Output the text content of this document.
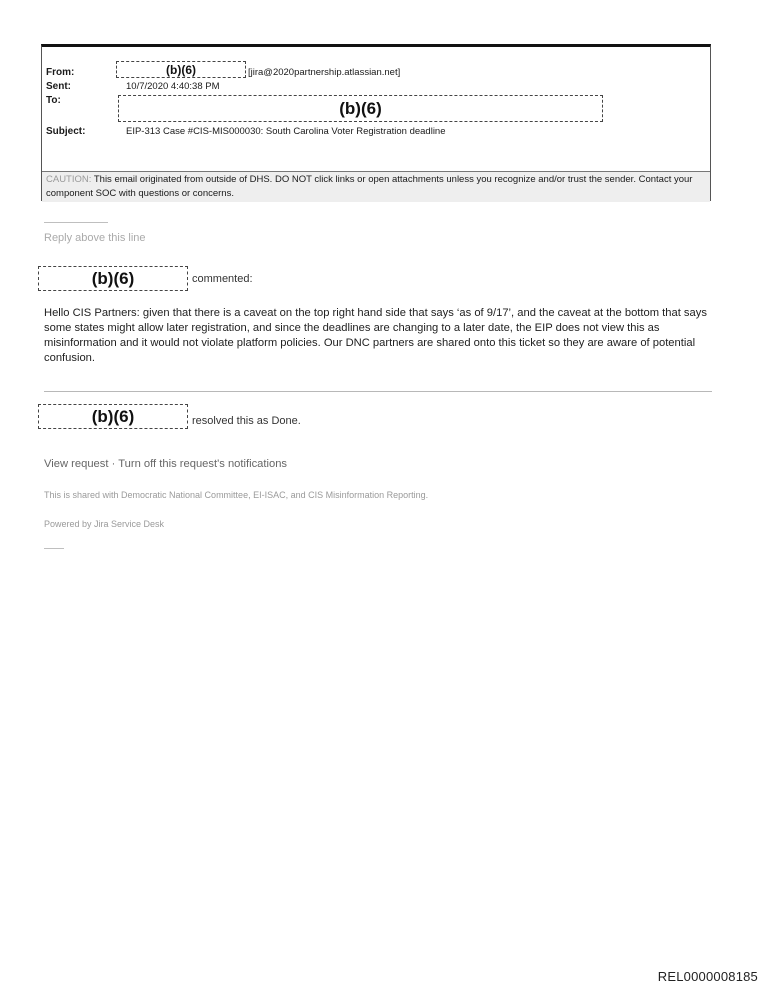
From:	(b)(6)	[jira@2020partnership.atlassian.net]
Sent:	10/7/2020 4:40:38 PM
To:	(b)(6)
Subject:	EIP-313 Case #CIS-MIS000030: South Carolina Voter Registration deadline
CAUTION: This email originated from outside of DHS. DO NOT click links or open attachments unless you recognize and/or trust the sender. Contact your component SOC with questions or concerns.
Reply above this line
(b)(6)	commented:
Hello CIS Partners: given that there is a caveat on the top right hand side that says ‘as of 9/17’, and the caveat at the bottom that says some states might allow later registration, and since the deadlines are changing to a later date, the EIP does not view this as misinformation and it would not violate platform policies. Our DNC partners are shared onto this ticket so they are aware of potential confusion.
(b)(6)	resolved this as Done.
View request · Turn off this request's notifications
This is shared with Democratic National Committee, EI-ISAC, and CIS Misinformation Reporting.
Powered by Jira Service Desk
REL0000008185
